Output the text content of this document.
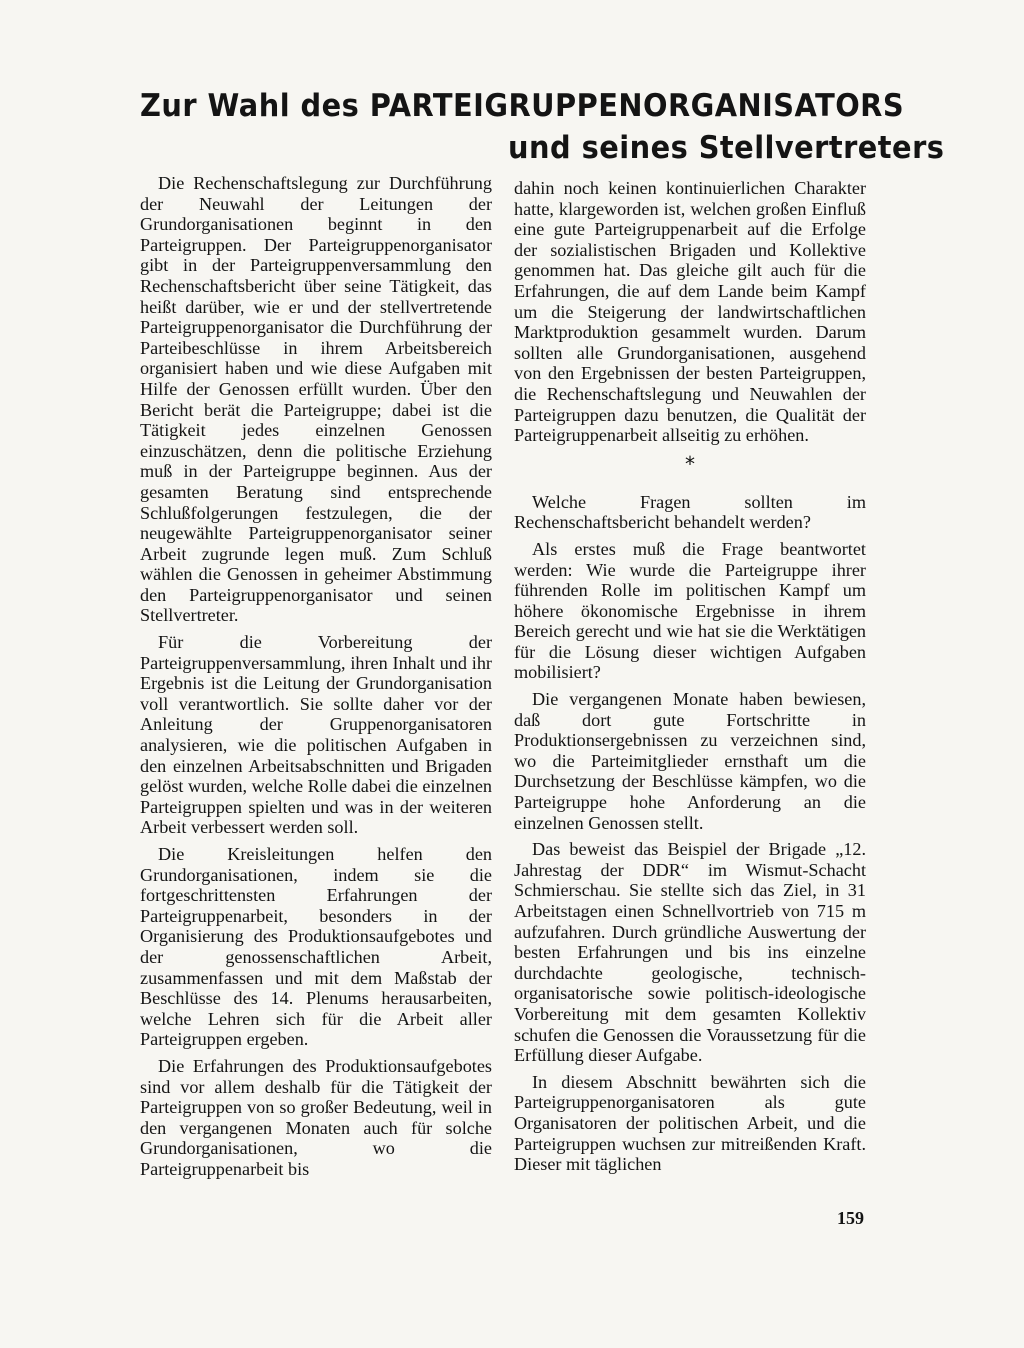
Zur Wahl des PARTEIGRUPPENORGANISATORS
und seines Stellvertreters

Die Rechenschaftslegung zur Durchführung der Neuwahl der Leitungen der Grundorganisationen beginnt in den Parteigruppen. Der Parteigruppenorganisator gibt in der Parteigruppenversammlung den Rechenschaftsbericht über seine Tätigkeit, das heißt darüber, wie er und der stellvertretende Parteigruppenorganisator die Durchführung der Parteibeschlüsse in ihrem Arbeitsbereich organisiert haben und wie diese Aufgaben mit Hilfe der Genossen erfüllt wurden. Über den Bericht berät die Parteigruppe; dabei ist die Tätigkeit jedes einzelnen Genossen einzuschätzen, denn die politische Erziehung muß in der Parteigruppe beginnen. Aus der gesamten Beratung sind entsprechende Schlußfolgerungen festzulegen, die der neugewählte Parteigruppenorganisator seiner Arbeit zugrunde legen muß. Zum Schluß wählen die Genossen in geheimer Abstimmung den Parteigruppenorganisator und seinen Stellvertreter.

Für die Vorbereitung der Parteigruppenversammlung, ihren Inhalt und ihr Ergebnis ist die Leitung der Grundorganisation voll verantwortlich. Sie sollte daher vor der Anleitung der Gruppenorganisatoren analysieren, wie die politischen Aufgaben in den einzelnen Arbeitsabschnitten und Brigaden gelöst wurden, welche Rolle dabei die einzelnen Parteigruppen spielten und was in der weiteren Arbeit verbessert werden soll.

Die Kreisleitungen helfen den Grundorganisationen, indem sie die fortgeschrittensten Erfahrungen der Parteigruppenarbeit, besonders in der Organisierung des Produktionsaufgebotes und der genossenschaftlichen Arbeit, zusammenfassen und mit dem Maßstab der Beschlüsse des 14. Plenums herausarbeiten, welche Lehren sich für die Arbeit aller Parteigruppen ergeben.

Die Erfahrungen des Produktionsaufgebotes sind vor allem deshalb für die Tätigkeit der Parteigruppen von so großer Bedeutung, weil in den vergangenen Monaten auch für solche Grundorganisationen, wo die Parteigruppenarbeit bis

dahin noch keinen kontinuierlichen Charakter hatte, klargeworden ist, welchen großen Einfluß eine gute Parteigruppenarbeit auf die Erfolge der sozialistischen Brigaden und Kollektive genommen hat. Das gleiche gilt auch für die Erfahrungen, die auf dem Lande beim Kampf um die Steigerung der landwirtschaftlichen Marktproduktion gesammelt wurden. Darum sollten alle Grundorganisationen, ausgehend von den Ergebnissen der besten Parteigruppen, die Rechenschaftslegung und Neuwahlen der Parteigruppen dazu benutzen, die Qualität der Parteigruppenarbeit allseitig zu erhöhen.

*

Welche Fragen sollten im Rechenschaftsbericht behandelt werden?

Als erstes muß die Frage beantwortet werden: Wie wurde die Parteigruppe ihrer führenden Rolle im politischen Kampf um höhere ökonomische Ergebnisse in ihrem Bereich gerecht und wie hat sie die Werktätigen für die Lösung dieser wichtigen Aufgaben mobilisiert?

Die vergangenen Monate haben bewiesen, daß dort gute Fortschritte in Produktionsergebnissen zu verzeichnen sind, wo die Parteimitglieder ernsthaft um die Durchsetzung der Beschlüsse kämpfen, wo die Parteigruppe hohe Anforderung an die einzelnen Genossen stellt.

Das beweist das Beispiel der Brigade „12. Jahrestag der DDR“ im Wismut-Schacht Schmierschau. Sie stellte sich das Ziel, in 31 Arbeitstagen einen Schnellvortrieb von 715 m aufzufahren. Durch gründliche Auswertung der besten Erfahrungen und bis ins einzelne durchdachte geologische, technisch-organisatorische sowie politisch-ideologische Vorbereitung mit dem gesamten Kollektiv schufen die Genossen die Voraussetzung für die Erfüllung dieser Aufgabe.

In diesem Abschnitt bewährten sich die Parteigruppenorganisatoren als gute Organisatoren der politischen Arbeit, und die Parteigruppen wuchsen zur mitreißenden Kraft. Dieser mit täglichen

159
